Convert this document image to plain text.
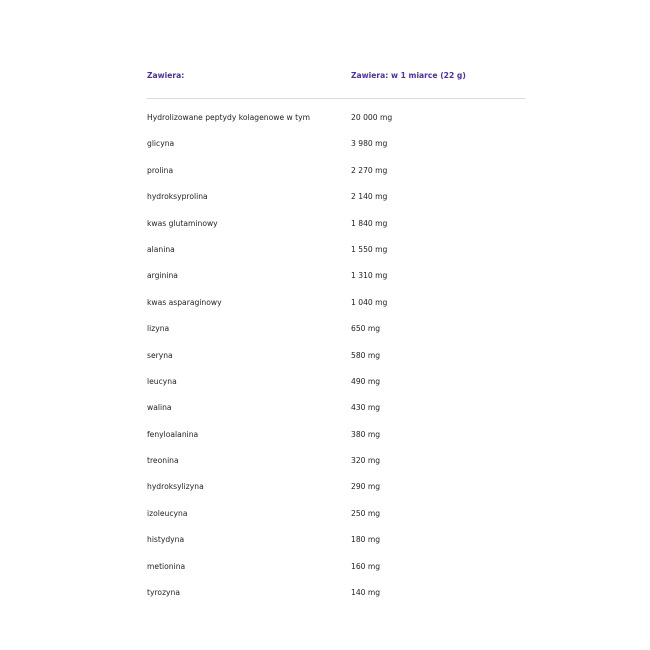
Zawiera:	Zawiera: w 1 miarce (22 g)
Hydrolizowane peptydy kolagenowe w tym	20 000 mg
glicyna	3 980 mg
prolina	2 270 mg
hydroksyprolina	2 140 mg
kwas glutaminowy	1 840 mg
alanina	1 550 mg
arginina	1 310 mg
kwas asparaginowy	1 040 mg
lizyna	650 mg
seryna	580 mg
leucyna	490 mg
walina	430 mg
fenyloalanina	380 mg
treonina	320 mg
hydroksylizyna	290 mg
izoleucyna	250 mg
histydyna	180 mg
metionina	160 mg
tyrozyna	140 mg
